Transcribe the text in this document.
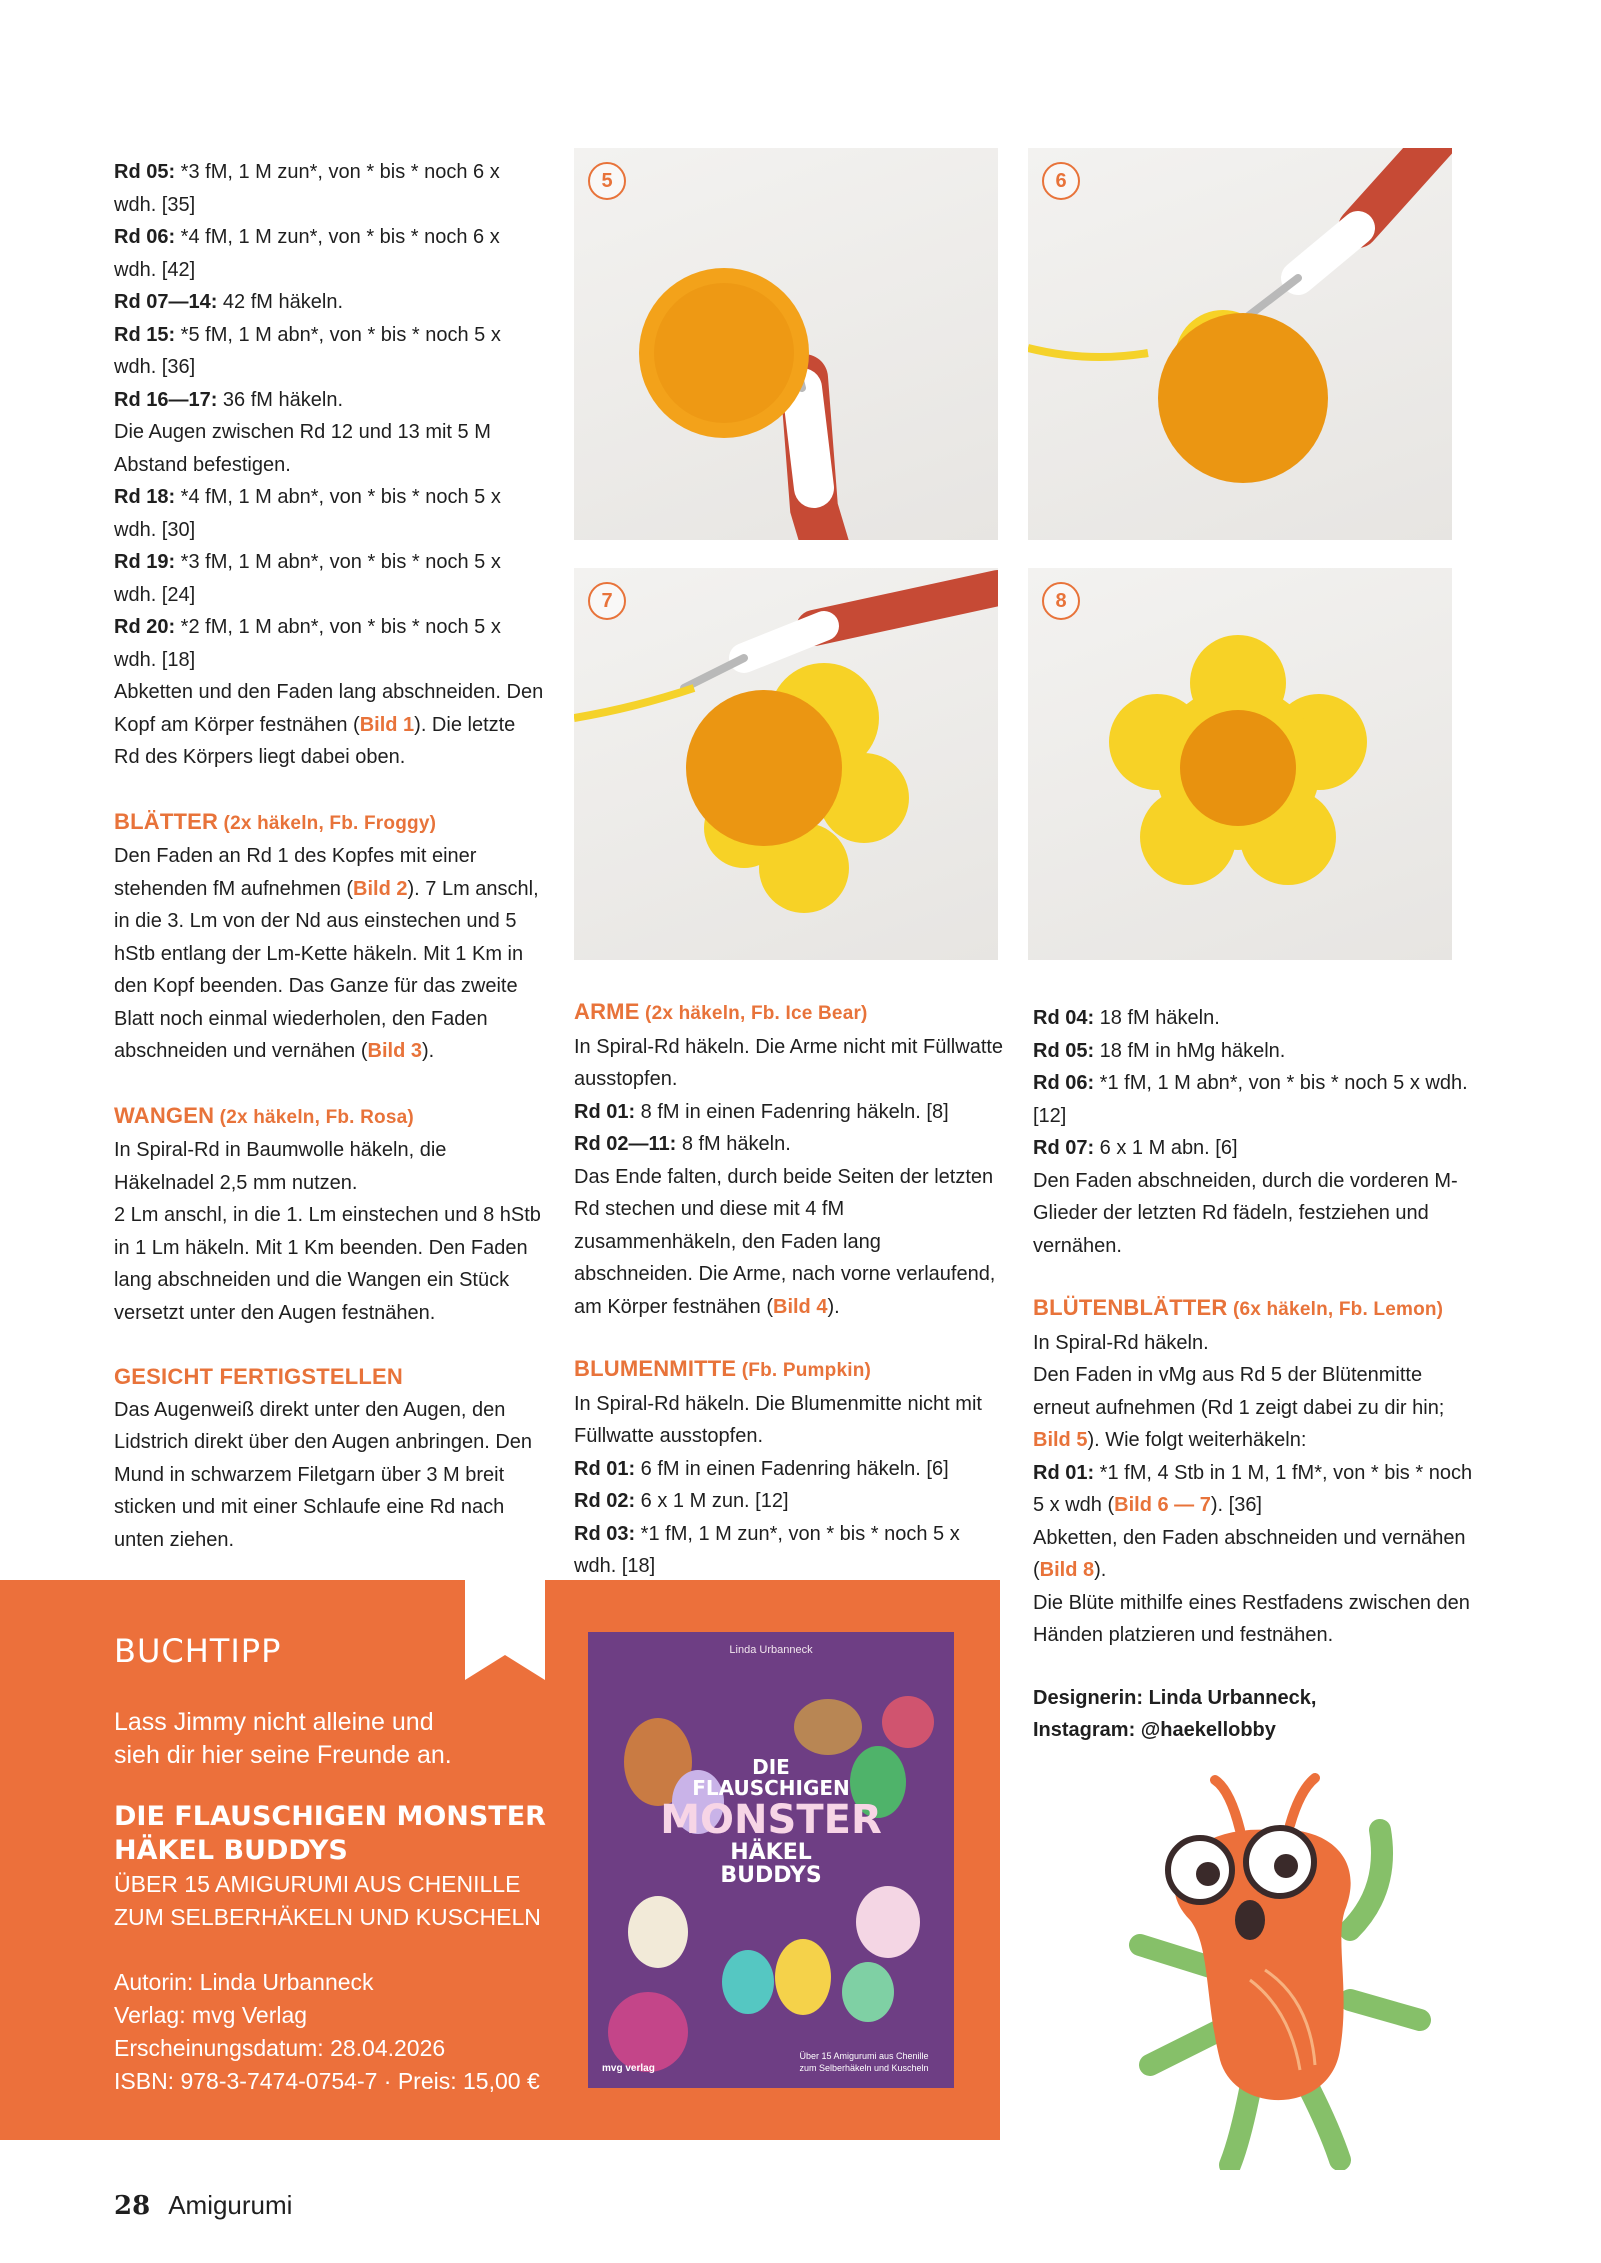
Rd 05: *3 fM, 1 M zun*, von * bis * noch 6 x wdh. [35]

Rd 06: *4 fM, 1 M zun*, von * bis * noch 6 x wdh. [42]

Rd 07—14: 42 fM häkeln.

Rd 15: *5 fM, 1 M abn*, von * bis * noch 5 x wdh. [36]

Rd 16—17: 36 fM häkeln.

Die Augen zwischen Rd 12 und 13 mit 5 M Abstand befestigen.

Rd 18: *4 fM, 1 M abn*, von * bis * noch 5 x wdh. [30]

Rd 19: *3 fM, 1 M abn*, von * bis * noch 5 x wdh. [24]

Rd 20: *2 fM, 1 M abn*, von * bis * noch 5 x wdh. [18]

Abketten und den Faden lang abschneiden. Den Kopf am Körper festnähen (Bild 1). Die letzte Rd des Körpers liegt dabei oben.

BLÄTTER (2x häkeln, Fb. Froggy)

Den Faden an Rd 1 des Kopfes mit einer stehenden fM aufnehmen (Bild 2). 7 Lm anschl, in die 3. Lm von der Nd aus einstechen und 5 hStb entlang der Lm-Kette häkeln. Mit 1 Km in den Kopf beenden. Das Ganze für das zweite Blatt noch einmal wiederholen, den Faden abschneiden und vernähen (Bild 3).

WANGEN (2x häkeln, Fb. Rosa)

In Spiral-Rd in Baumwolle häkeln, die Häkelnadel 2,5 mm nutzen.

2 Lm anschl, in die 1. Lm einstechen und 8 hStb in 1 Lm häkeln. Mit 1 Km beenden. Den Faden lang abschneiden und die Wangen ein Stück versetzt unter den Augen festnähen.

GESICHT FERTIGSTELLEN

Das Augenweiß direkt unter den Augen, den Lidstrich direkt über den Augen anbringen. Den Mund in schwarzem Filetgarn über 3 M breit sticken und mit einer Schlaufe eine Rd nach unten ziehen.

5	6
7	8

ARME (2x häkeln, Fb. Ice Bear)

In Spiral-Rd häkeln. Die Arme nicht mit Füllwatte ausstopfen.

Rd 01: 8 fM in einen Fadenring häkeln. [8]

Rd 02—11: 8 fM häkeln.

Das Ende falten, durch beide Seiten der letzten Rd stechen und diese mit 4 fM zusammenhäkeln, den Faden lang abschneiden. Die Arme, nach vorne verlaufend, am Körper festnähen (Bild 4).

BLUMENMITTE (Fb. Pumpkin)

In Spiral-Rd häkeln. Die Blumenmitte nicht mit Füllwatte ausstopfen.

Rd 01: 6 fM in einen Fadenring häkeln. [6]

Rd 02: 6 x 1 M zun. [12]

Rd 03: *1 fM, 1 M zun*, von * bis * noch 5 x wdh. [18]

Rd 04: 18 fM häkeln.

Rd 05: 18 fM in hMg häkeln.

Rd 06: *1 fM, 1 M abn*, von * bis * noch 5 x wdh. [12]

Rd 07: 6 x 1 M abn. [6]

Den Faden abschneiden, durch die vorderen M-Glieder der letzten Rd fädeln, festziehen und vernähen.

BLÜTENBLÄTTER (6x häkeln, Fb. Lemon)

In Spiral-Rd häkeln.

Den Faden in vMg aus Rd 5 der Blütenmitte erneut aufnehmen (Rd 1 zeigt dabei zu dir hin; Bild 5). Wie folgt weiterhäkeln:

Rd 01: *1 fM, 4 Stb in 1 M, 1 fM*, von * bis * noch 5 x wdh (Bild 6 — 7). [36]

Abketten, den Faden abschneiden und vernähen (Bild 8).

Die Blüte mithilfe eines Restfadens zwischen den Händen platzieren und festnähen.

Designerin: Linda Urbanneck,

Instagram: @haekellobby

BUCHTIPP
Lass Jimmy nicht alleine und
sieh dir hier seine Freunde an.
DIE FLAUSCHIGEN MONSTER
HÄKEL BUDDYS
ÜBER 15 AMIGURUMI AUS CHENILLE
ZUM SELBERHÄKELN UND KUSCHELN
Autorin: Linda Urbanneck
Verlag: mvg Verlag
Erscheinungsdatum: 28.04.2026
ISBN: 978-3-7474-0754-7 · Preis: 15,00 €
Linda Urbanneck
DIE
FLAUSCHIGEN
MONSTER
HÄKEL
BUDDYS
Über 15 Amigurumi aus Chenille
zum Selberhäkeln und Kuscheln
mvg verlag
28 Amigurumi
